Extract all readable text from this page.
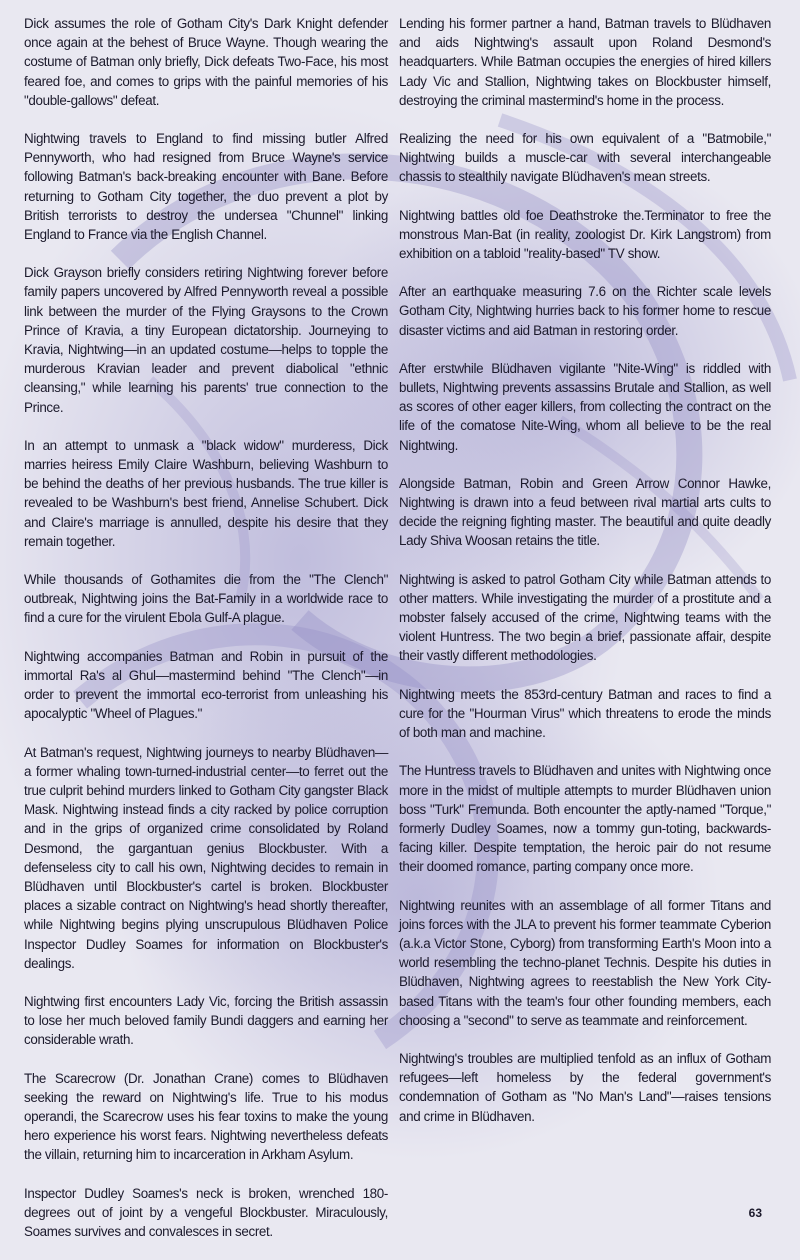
Dick assumes the role of Gotham City's Dark Knight defender once again at the behest of Bruce Wayne. Though wearing the costume of Batman only briefly, Dick defeats Two-Face, his most feared foe, and comes to grips with the painful memories of his "double-gallows" defeat.

Nightwing travels to England to find missing butler Alfred Pennyworth, who had resigned from Bruce Wayne's service following Batman's back-breaking encounter with Bane. Before returning to Gotham City together, the duo prevent a plot by British terrorists to destroy the undersea "Chunnel" linking England to France via the English Channel.

Dick Grayson briefly considers retiring Nightwing forever before family papers uncovered by Alfred Pennyworth reveal a possible link between the murder of the Flying Graysons to the Crown Prince of Kravia, a tiny European dictatorship. Journeying to Kravia, Nightwing—in an updated costume—helps to topple the murderous Kravian leader and prevent diabolical "ethnic cleansing," while learning his parents' true connection to the Prince.

In an attempt to unmask a "black widow" murderess, Dick marries heiress Emily Claire Washburn, believing Washburn to be behind the deaths of her previous husbands. The true killer is revealed to be Washburn's best friend, Annelise Schubert. Dick and Claire's marriage is annulled, despite his desire that they remain together.

While thousands of Gothamites die from the "The Clench" outbreak, Nightwing joins the Bat-Family in a worldwide race to find a cure for the virulent Ebola Gulf-A plague.

Nightwing accompanies Batman and Robin in pursuit of the immortal Ra's al Ghul—mastermind behind "The Clench"—in order to prevent the immortal eco-terrorist from unleashing his apocalyptic "Wheel of Plagues."

At Batman's request, Nightwing journeys to nearby Blüdhaven—a former whaling town-turned-industrial center—to ferret out the true culprit behind murders linked to Gotham City gangster Black Mask. Nightwing instead finds a city racked by police corruption and in the grips of organized crime consolidated by Roland Desmond, the gargantuan genius Blockbuster. With a defenseless city to call his own, Nightwing decides to remain in Blüdhaven until Blockbuster's cartel is broken. Blockbuster places a sizable contract on Nightwing's head shortly thereafter, while Nightwing begins plying unscrupulous Blüdhaven Police Inspector Dudley Soames for information on Blockbuster's dealings.

Nightwing first encounters Lady Vic, forcing the British assassin to lose her much beloved family Bundi daggers and earning her considerable wrath.

The Scarecrow (Dr. Jonathan Crane) comes to Blüdhaven seeking the reward on Nightwing's life. True to his modus operandi, the Scarecrow uses his fear toxins to make the young hero experience his worst fears. Nightwing nevertheless defeats the villain, returning him to incarceration in Arkham Asylum.

Inspector Dudley Soames's neck is broken, wrenched 180-degrees out of joint by a vengeful Blockbuster. Miraculously, Soames survives and convalesces in secret.

Lending his former partner a hand, Batman travels to Blüdhaven and aids Nightwing's assault upon Roland Desmond's headquarters. While Batman occupies the energies of hired killers Lady Vic and Stallion, Nightwing takes on Blockbuster himself, destroying the criminal mastermind's home in the process.

Realizing the need for his own equivalent of a "Batmobile," Nightwing builds a muscle-car with several interchangeable chassis to stealthily navigate Blüdhaven's mean streets.

Nightwing battles old foe Deathstroke the.Terminator to free the monstrous Man-Bat (in reality, zoologist Dr. Kirk Langstrom) from exhibition on a tabloid "reality-based" TV show.

After an earthquake measuring 7.6 on the Richter scale levels Gotham City, Nightwing hurries back to his former home to rescue disaster victims and aid Batman in restoring order.

After erstwhile Blüdhaven vigilante "Nite-Wing" is riddled with bullets, Nightwing prevents assassins Brutale and Stallion, as well as scores of other eager killers, from collecting the contract on the life of the comatose Nite-Wing, whom all believe to be the real Nightwing.

Alongside Batman, Robin and Green Arrow Connor Hawke, Nightwing is drawn into a feud between rival martial arts cults to decide the reigning fighting master. The beautiful and quite deadly Lady Shiva Woosan retains the title.

Nightwing is asked to patrol Gotham City while Batman attends to other matters. While investigating the murder of a prostitute and a mobster falsely accused of the crime, Nightwing teams with the violent Huntress. The two begin a brief, passionate affair, despite their vastly different methodologies.

Nightwing meets the 853rd-century Batman and races to find a cure for the "Hourman Virus" which threatens to erode the minds of both man and machine.

The Huntress travels to Blüdhaven and unites with Nightwing once more in the midst of multiple attempts to murder Blüdhaven union boss "Turk" Fremunda. Both encounter the aptly-named "Torque," formerly Dudley Soames, now a tommy gun-toting, backwards-facing killer. Despite temptation, the heroic pair do not resume their doomed romance, parting company once more.

Nightwing reunites with an assemblage of all former Titans and joins forces with the JLA to prevent his former teammate Cyberion (a.k.a Victor Stone, Cyborg) from transforming Earth's Moon into a world resembling the techno-planet Technis. Despite his duties in Blüdhaven, Nightwing agrees to reestablish the New York City-based Titans with the team's four other founding members, each choosing a "second" to serve as teammate and reinforcement.

Nightwing's troubles are multiplied tenfold as an influx of Gotham refugees—left homeless by the federal government's condemnation of Gotham as "No Man's Land"—raises tensions and crime in Blüdhaven.

63
